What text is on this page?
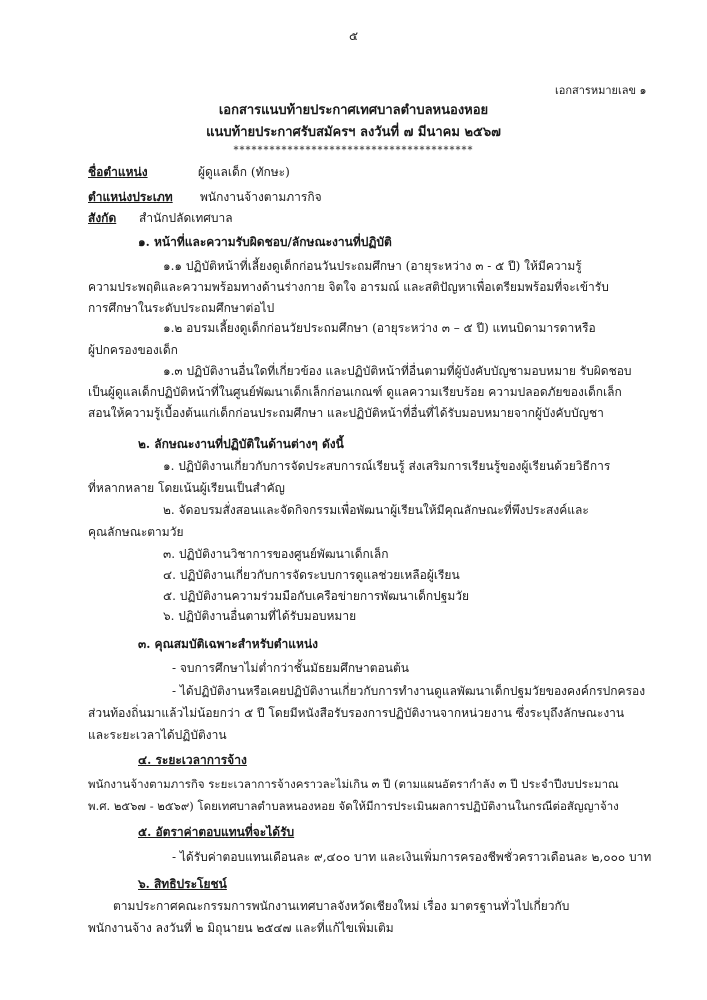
๕
เอกสารหมายเลข ๑
เอกสารแนบท้ายประกาศเทศบาลตำบลหนองหอย
แนบท้ายประกาศรับสมัครฯ ลงวันที่ ๗ มีนาคม ๒๕๖๗
****************************************
ชื่อตำแหน่ง	ผู้ดูแลเด็ก (ทักษะ)
ตำแหน่งประเภท พนักงานจ้างตามภารกิจ
สังกัด สำนักปลัดเทศบาล
๑. หน้าที่และความรับผิดชอบ/ลักษณะงานที่ปฏิบัติ
๑.๑ ปฏิบัติหน้าที่เลี้ยงดูเด็กก่อนวันประถมศึกษา (อายุระหว่าง ๓ - ๕ ปี) ให้มีความรู้
ความประพฤติและความพร้อมทางด้านร่างกาย จิตใจ อารมณ์ และสติปัญหาเพื่อเตรียมพร้อมที่จะเข้ารับ
การศึกษาในระดับประถมศึกษาต่อไป
๑.๒ อบรมเลี้ยงดูเด็กก่อนวัยประถมศึกษา (อายุระหว่าง ๓ – ๕ ปี) แทนบิดามารดาหรือ
ผู้ปกครองของเด็ก
๑.๓ ปฏิบัติงานอื่นใดที่เกี่ยวข้อง และปฏิบัติหน้าที่อื่นตามที่ผู้บังคับบัญชามอบหมาย รับผิดชอบ
เป็นผู้ดูแลเด็กปฏิบัติหน้าที่ในศูนย์พัฒนาเด็กเล็กก่อนเกณฑ์ ดูแลความเรียบร้อย ความปลอดภัยของเด็กเล็ก
สอนให้ความรู้เบื้องต้นแก่เด็กก่อนประถมศึกษา และปฏิบัติหน้าที่อื่นที่ได้รับมอบหมายจากผู้บังคับบัญชา
๒. ลักษณะงานที่ปฏิบัติในด้านต่างๆ ดังนี้
๑. ปฏิบัติงานเกี่ยวกับการจัดประสบการณ์เรียนรู้ ส่งเสริมการเรียนรู้ของผู้เรียนด้วยวิธีการ
ที่หลากหลาย โดยเน้นผู้เรียนเป็นสำคัญ
๒. จัดอบรมสั่งสอนและจัดกิจกรรมเพื่อพัฒนาผู้เรียนให้มีคุณลักษณะที่พึงประสงค์และ
คุณลักษณะตามวัย
๓. ปฏิบัติงานวิชาการของศูนย์พัฒนาเด็กเล็ก
๔. ปฏิบัติงานเกี่ยวกับการจัดระบบการดูแลช่วยเหลือผู้เรียน
๕. ปฏิบัติงานความร่วมมือกับเครือข่ายการพัฒนาเด็กปฐมวัย
๖. ปฏิบัติงานอื่นตามที่ได้รับมอบหมาย
๓. คุณสมบัติเฉพาะสำหรับตำแหน่ง
- จบการศึกษาไม่ต่ำกว่าชั้นมัธยมศึกษาตอนต้น
- ได้ปฏิบัติงานหรือเคยปฏิบัติงานเกี่ยวกับการทำงานดูแลพัฒนาเด็กปฐมวัยของคงค์กรปกครอง
ส่วนท้องถิ่นมาแล้วไม่น้อยกว่า ๕ ปี โดยมีหนังสือรับรองการปฏิบัติงานจากหน่วยงาน ซึ่งระบุถึงลักษณะงาน
และระยะเวลาได้ปฏิบัติงาน
๔. ระยะเวลาการจ้าง
พนักงานจ้างตามภารกิจ ระยะเวลาการจ้างคราวละไม่เกิน ๓ ปี (ตามแผนอัตรากำลัง ๓ ปี ประจำปีงบประมาณ
พ.ศ. ๒๕๖๗ - ๒๕๖๙) โดยเทศบาลตำบลหนองหอย จัดให้มีการประเมินผลการปฏิบัติงานในกรณีต่อสัญญาจ้าง
๕. อัตราค่าตอบแทนที่จะได้รับ
- ได้รับค่าตอบแทนเดือนละ ๙,๔๐๐ บาท และเงินเพิ่มการครองชีพชั่วคราวเดือนละ ๒,๐๐๐ บาท
๖. สิทธิประโยชน์
ตามประกาศคณะกรรมการพนักงานเทศบาลจังหวัดเชียงใหม่ เรื่อง มาตรฐานทั่วไปเกี่ยวกับ
พนักงานจ้าง ลงวันที่ ๒ มิถุนายน ๒๕๔๗ และที่แก้ไขเพิ่มเติม
